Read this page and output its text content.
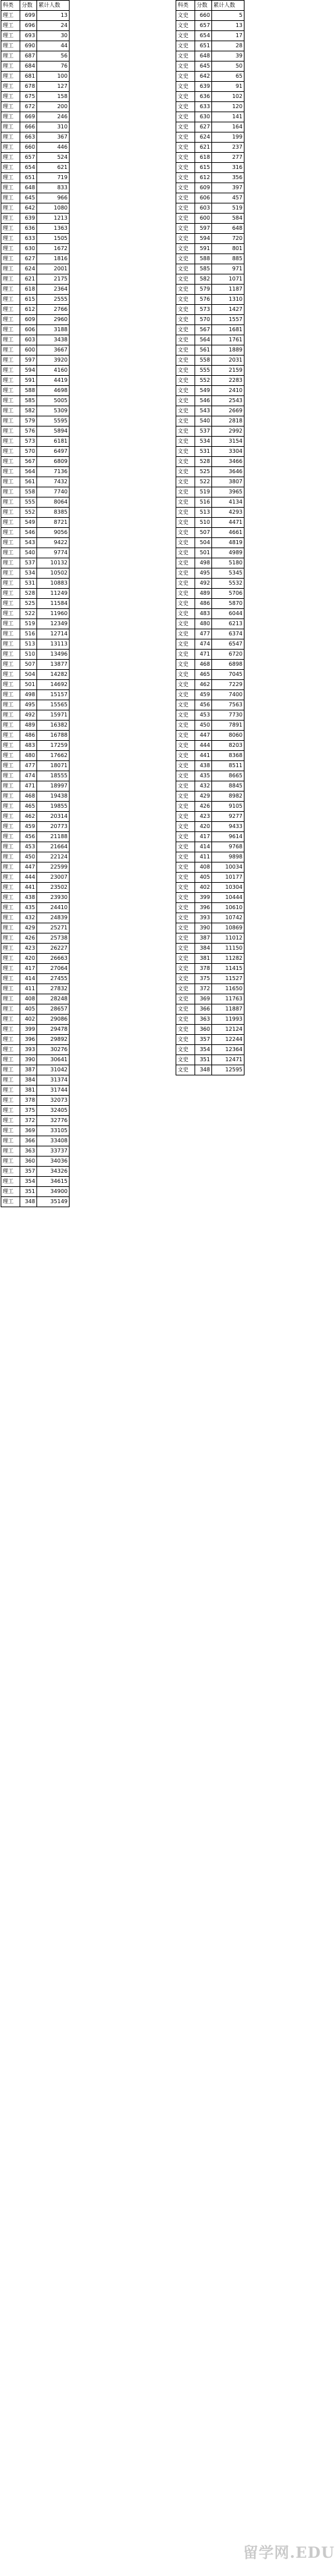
科类	分数	累计人数
理工	699	13
理工	696	24
理工	693	30
理工	690	44
理工	687	56
理工	684	76
理工	681	100
理工	678	127
理工	675	158
理工	672	200
理工	669	246
理工	666	310
理工	663	367
理工	660	446
理工	657	524
理工	654	621
理工	651	719
理工	648	833
理工	645	966
理工	642	1080
理工	639	1213
理工	636	1363
理工	633	1505
理工	630	1672
理工	627	1816
理工	624	2001
理工	621	2175
理工	618	2364
理工	615	2555
理工	612	2766
理工	609	2960
理工	606	3188
理工	603	3438
理工	600	3667
理工	597	3920
理工	594	4160
理工	591	4419
理工	588	4698
理工	585	5005
理工	582	5309
理工	579	5595
理工	576	5894
理工	573	6181
理工	570	6497
理工	567	6809
理工	564	7136
理工	561	7432
理工	558	7740
理工	555	8064
理工	552	8385
理工	549	8721
理工	546	9056
理工	543	9422
理工	540	9774
理工	537	10132
理工	534	10502
理工	531	10883
理工	528	11249
理工	525	11584
理工	522	11960
理工	519	12349
理工	516	12714
理工	513	13113
理工	510	13496
理工	507	13877
理工	504	14282
理工	501	14692
理工	498	15157
理工	495	15565
理工	492	15971
理工	489	16382
理工	486	16788
理工	483	17259
理工	480	17662
理工	477	18071
理工	474	18555
理工	471	18997
理工	468	19438
理工	465	19855
理工	462	20314
理工	459	20773
理工	456	21188
理工	453	21664
理工	450	22124
理工	447	22599
理工	444	23007
理工	441	23502
理工	438	23930
理工	435	24410
理工	432	24839
理工	429	25271
理工	426	25738
理工	423	26227
理工	420	26663
理工	417	27064
理工	414	27455
理工	411	27832
理工	408	28248
理工	405	28657
理工	402	29086
理工	399	29478
理工	396	29892
理工	393	30276
理工	390	30641
理工	387	31042
理工	384	31374
理工	381	31744
理工	378	32073
理工	375	32405
理工	372	32776
理工	369	33105
理工	366	33408
理工	363	33737
理工	360	34036
理工	357	34326
理工	354	34615
理工	351	34900
理工	348	35149
科类	分数	累计人数
文史	660	5
文史	657	13
文史	654	17
文史	651	28
文史	648	39
文史	645	50
文史	642	65
文史	639	91
文史	636	102
文史	633	120
文史	630	141
文史	627	164
文史	624	199
文史	621	237
文史	618	277
文史	615	316
文史	612	356
文史	609	397
文史	606	457
文史	603	519
文史	600	584
文史	597	648
文史	594	720
文史	591	801
文史	588	885
文史	585	971
文史	582	1071
文史	579	1187
文史	576	1310
文史	573	1427
文史	570	1557
文史	567	1681
文史	564	1761
文史	561	1889
文史	558	2031
文史	555	2159
文史	552	2283
文史	549	2410
文史	546	2543
文史	543	2669
文史	540	2818
文史	537	2992
文史	534	3154
文史	531	3304
文史	528	3466
文史	525	3646
文史	522	3807
文史	519	3965
文史	516	4134
文史	513	4293
文史	510	4471
文史	507	4661
文史	504	4819
文史	501	4989
文史	498	5180
文史	495	5345
文史	492	5532
文史	489	5706
文史	486	5870
文史	483	6044
文史	480	6213
文史	477	6374
文史	474	6547
文史	471	6720
文史	468	6898
文史	465	7045
文史	462	7229
文史	459	7400
文史	456	7563
文史	453	7730
文史	450	7891
文史	447	8060
文史	444	8203
文史	441	8368
文史	438	8511
文史	435	8665
文史	432	8845
文史	429	8982
文史	426	9105
文史	423	9277
文史	420	9433
文史	417	9614
文史	414	9768
文史	411	9898
文史	408	10034
文史	405	10177
文史	402	10304
文史	399	10444
文史	396	10610
文史	393	10742
文史	390	10869
文史	387	11012
文史	384	11150
文史	381	11282
文史	378	11415
文史	375	11527
文史	372	11650
文史	369	11763
文史	366	11887
文史	363	11993
文史	360	12124
文史	357	12244
文史	354	12364
文史	351	12471
文史	348	12595
留学网.EDU
